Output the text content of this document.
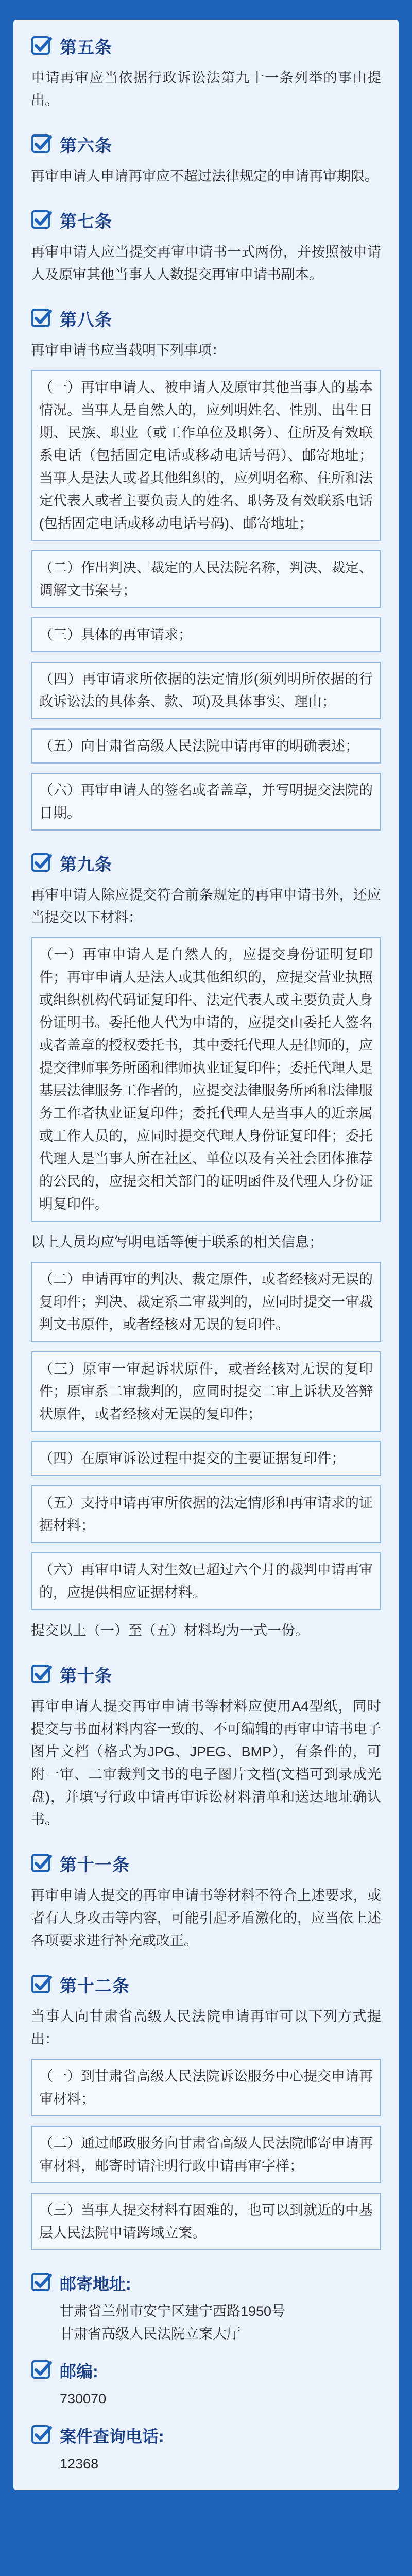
第五条

申请再审应当依据行政诉讼法第九十一条列举的事由提出。

第六条

再审申请人申请再审应不超过法律规定的申请再审期限。

第七条

再审申请人应当提交再审申请书一式两份，并按照被申请人及原审其他当事人人数提交再审申请书副本。

第八条

再审申请书应当载明下列事项：

（一）再审申请人、被申请人及原审其他当事人的基本情况。当事人是自然人的，应列明姓名、性别、出生日期、民族、职业（或工作单位及职务）、住所及有效联系电话（包括固定电话或移动电话号码）、邮寄地址；当事人是法人或者其他组织的，应列明名称、住所和法定代表人或者主要负责人的姓名、职务及有效联系电话(包括固定电话或移动电话号码)、邮寄地址；
（二）作出判决、裁定的人民法院名称，判决、裁定、调解文书案号；
（三）具体的再审请求；
（四）再审请求所依据的法定情形(须列明所依据的行政诉讼法的具体条、款、项)及具体事实、理由；
（五）向甘肃省高级人民法院申请再审的明确表述；
（六）再审申请人的签名或者盖章，并写明提交法院的日期。
第九条

再审申请人除应提交符合前条规定的再审申请书外，还应当提交以下材料：

（一）再审申请人是自然人的，应提交身份证明复印件；再审申请人是法人或其他组织的，应提交营业执照或组织机构代码证复印件、法定代表人或主要负责人身份证明书。委托他人代为申请的，应提交由委托人签名或者盖章的授权委托书，其中委托代理人是律师的，应提交律师事务所函和律师执业证复印件；委托代理人是基层法律服务工作者的，应提交法律服务所函和法律服务工作者执业证复印件；委托代理人是当事人的近亲属或工作人员的，应同时提交代理人身份证复印件；委托代理人是当事人所在社区、单位以及有关社会团体推荐的公民的，应提交相关部门的证明函件及代理人身份证明复印件。

以上人员均应写明电话等便于联系的相关信息；

（二）申请再审的判决、裁定原件，或者经核对无误的复印件；判决、裁定系二审裁判的，应同时提交一审裁判文书原件，或者经核对无误的复印件。
（三）原审一审起诉状原件，或者经核对无误的复印件；原审系二审裁判的，应同时提交二审上诉状及答辩状原件，或者经核对无误的复印件；
（四）在原审诉讼过程中提交的主要证据复印件；
（五）支持申请再审所依据的法定情形和再审请求的证据材料；
（六）再审申请人对生效已超过六个月的裁判申请再审的，应提供相应证据材料。

提交以上（一）至（五）材料均为一式一份。

第十条

再审申请人提交再审申请书等材料应使用A4型纸，同时提交与书面材料内容一致的、不可编辑的再审申请书电子图片文档（格式为JPG、JPEG、BMP），有条件的，可附一审、二审裁判文书的电子图片文档(文档可到录成光盘)，并填写行政申请再审诉讼材料清单和送达地址确认书。

第十一条

再审申请人提交的再审申请书等材料不符合上述要求，或者有人身攻击等内容，可能引起矛盾激化的，应当依上述各项要求进行补充或改正。

第十二条

当事人向甘肃省高级人民法院申请再审可以下列方式提出：

（一）到甘肃省高级人民法院诉讼服务中心提交申请再审材料；
（二）通过邮政服务向甘肃省高级人民法院邮寄申请再审材料，邮寄时请注明行政申请再审字样；
（三）当事人提交材料有困难的，也可以到就近的中基层人民法院申请跨域立案。
邮寄地址:
甘肃省兰州市安宁区建宁西路1950号
甘肃省高级人民法院立案大厅
邮编:
730070
案件查询电话:
12368
